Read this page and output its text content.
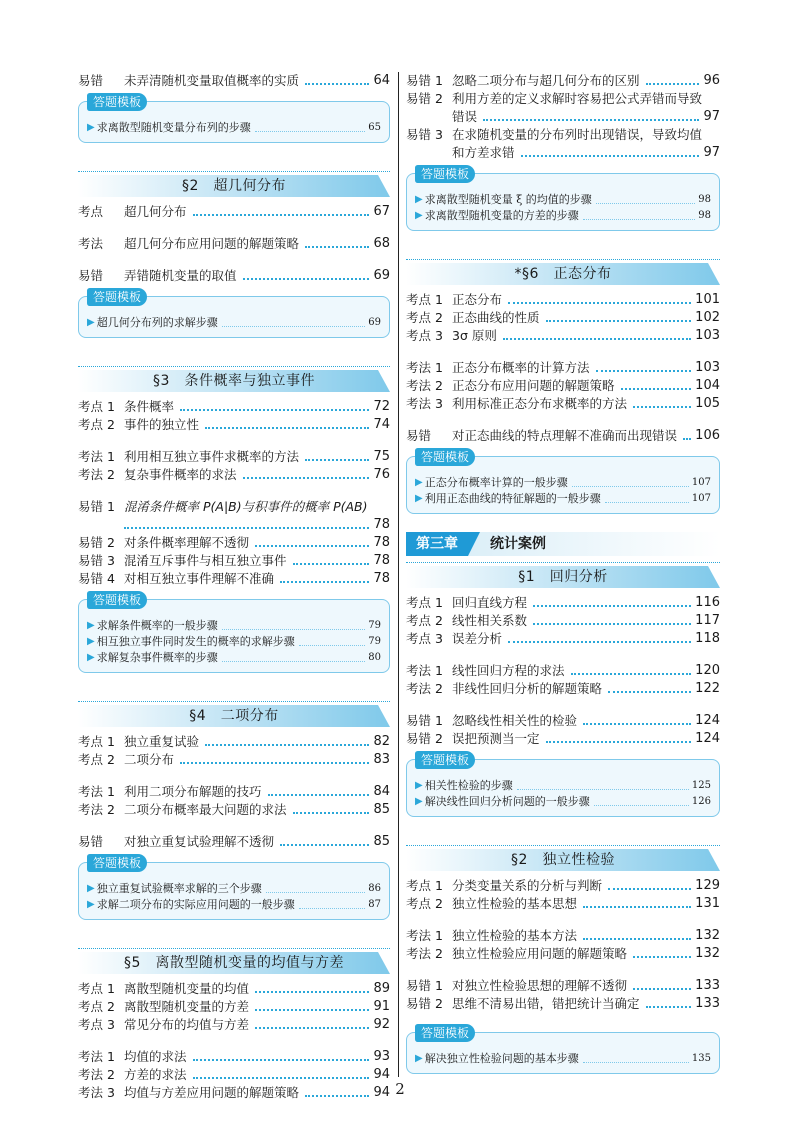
易错	未弄清随机变量取值概率的实质	64
答题模板
▶ 求离散型随机变量分布列的步骤	65
§2　超几何分布
考点	超几何分布	67
考法	超几何分布应用问题的解题策略	68
易错	弄错随机变量的取值	69
答题模板
▶ 超几何分布列的求解步骤	69
§3　条件概率与独立事件
考点 1 条件概率	72
考点 2 事件的独立性	74
考法 1 利用相互独立事件求概率的方法	75
考法 2 复杂事件概率的求法	76
易错 1 混淆条件概率 P(A|B)与积事件的概率 P(AB)
78
易错 2 对条件概率理解不透彻	78
易错 3 混淆互斥事件与相互独立事件	78
易错 4 对相互独立事件理解不准确	78
答题模板
▶ 求解条件概率的一般步骤	79
▶ 相互独立事件同时发生的概率的求解步骤	79
▶ 求解复杂事件概率的步骤	80
§4　二项分布
考点 1 独立重复试验	82
考点 2 二项分布	83
考法 1 利用二项分布解题的技巧	84
考法 2 二项分布概率最大问题的求法	85
易错	对独立重复试验理解不透彻	85
答题模板
▶ 独立重复试验概率求解的三个步骤	86
▶ 求解二项分布的实际应用问题的一般步骤	87
§5　离散型随机变量的均值与方差
考点 1 离散型随机变量的均值	89
考点 2 离散型随机变量的方差	91
考点 3 常见分布的均值与方差	92
考法 1 均值的求法	93
考法 2 方差的求法	94
考法 3 均值与方差应用问题的解题策略	94
易错 1 忽略二项分布与超几何分布的区别	96
易错 2 利用方差的定义求解时容易把公式弄错而导致
错误	97
易错 3 在求随机变量的分布列时出现错误，导致均值
和方差求错	97
答题模板
▶ 求离散型随机变量 ξ 的均值的步骤	98
▶ 求离散型随机变量的方差的步骤	98
*§6　正态分布
考点 1 正态分布	101
考点 2 正态曲线的性质	102
考点 3 3σ 原则	103
考法 1 正态分布概率的计算方法	103
考法 2 正态分布应用问题的解题策略	104
考法 3 利用标准正态分布求概率的方法	105
易错	对正态曲线的特点理解不准确而出现错误 106
答题模板
▶ 正态分布概率计算的一般步骤	107
▶ 利用正态曲线的特征解题的一般步骤	107
第三章	统计案例
§1　回归分析
考点 1 回归直线方程	116
考点 2 线性相关系数	117
考点 3 误差分析	118
考法 1 线性回归方程的求法	120
考法 2 非线性回归分析的解题策略	122
易错 1 忽略线性相关性的检验	124
易错 2 误把预测当一定	124
答题模板
▶ 相关性检验的步骤	125
▶ 解决线性回归分析问题的一般步骤	126
§2　独立性检验
考点 1 分类变量关系的分析与判断	129
考点 2 独立性检验的基本思想	131
考法 1 独立性检验的基本方法	132
考法 2 独立性检验应用问题的解题策略	132
易错 1 对独立性检验思想的理解不透彻	133
易错 2 思维不清易出错，错把统计当确定	133
答题模板
▶ 解决独立性检验问题的基本步骤	135
2
